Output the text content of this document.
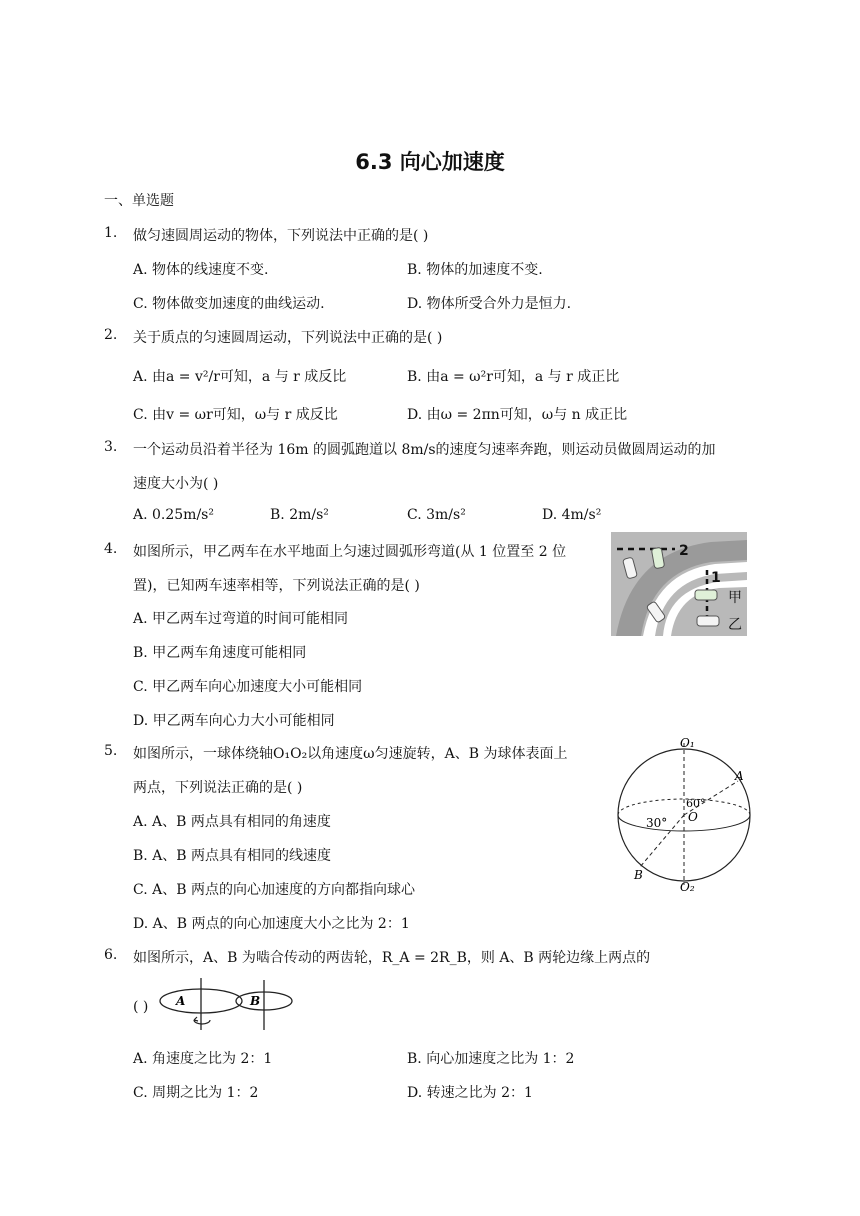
6.3 向心加速度
一、单选题
1. 做匀速圆周运动的物体，下列说法中正确的是( )
A. 物体的线速度不变.	B. 物体的加速度不变.
C. 物体做变加速度的曲线运动.	D. 物体所受合外力是恒力.
2. 关于质点的匀速圆周运动，下列说法中正确的是( )
A. 由a = v²/r可知，a 与 r 成反比	B. 由a = ω²r可知，a 与 r 成正比
C. 由v = ωr可知，ω与 r 成反比	D. 由ω = 2πn可知，ω与 n 成正比
3. 一个运动员沿着半径为 16m 的圆弧跑道以 8m/s的速度匀速率奔跑，则运动员做圆周运动的加
速度大小为( )
A. 0.25m/s²	B. 2m/s²	C. 3m/s²	D. 4m/s²
4. 如图所示，甲乙两车在水平地面上匀速过圆弧形弯道(从 1 位置至 2 位
置)，已知两车速率相等，下列说法正确的是( )
A. 甲乙两车过弯道的时间可能相同
B. 甲乙两车角速度可能相同
C. 甲乙两车向心加速度大小可能相同
D. 甲乙两车向心力大小可能相同
2
1
甲
乙
5. 如图所示，一球体绕轴O₁O₂以角速度ω匀速旋转，A、B 为球体表面上
两点，下列说法正确的是( )
A. A、B 两点具有相同的角速度
B. A、B 两点具有相同的线速度
C. A、B 两点的向心加速度的方向都指向球心
D. A、B 两点的向心加速度大小之比为 2：1
O₁
A
60°
30° O
B
O₂
6. 如图所示，A、B 为啮合传动的两齿轮，R_A = 2R_B，则 A、B 两轮边缘上两点的
( ) A	B
A. 角速度之比为 2：1	B. 向心加速度之比为 1：2
C. 周期之比为 1：2	D. 转速之比为 2：1
